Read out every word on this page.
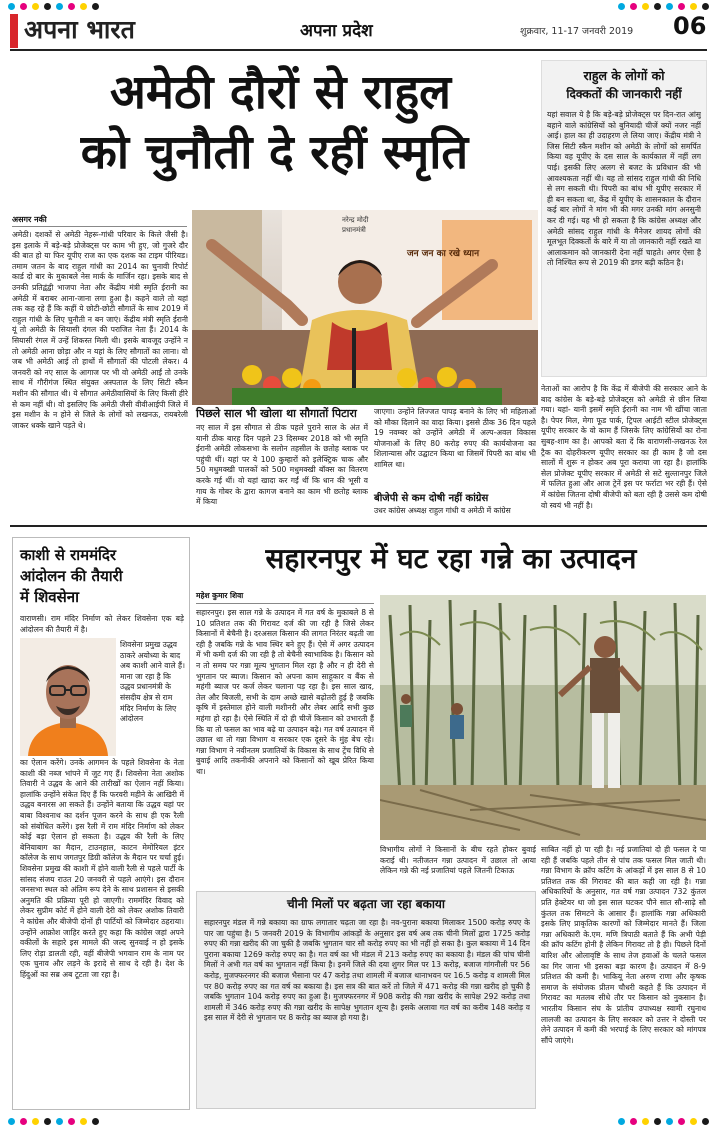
अपना भारत	अपना प्रदेश	शुक्रवार, 11-17 जनवरी 2019 06
अमेठी दौरों से राहुल
को चुनौती दे रहीं स्मृति
राहुल के लोगों को
दिक्कतों की जानकारी नहीं
यहां सवाल ये है कि बड़े-बड़े प्रोजेक्ट्स पर दिन-रात आंसू बहाने वाले कांग्रेसियों को बुनियादी चीजें क्यों नजर नहीं आई। हाल का ही उदाहरण ले लिया जाए। केंद्रीय मंत्री ने जिस सिटी स्कैन मशीन को अमेठी के लोगों को समर्पित किया वह यूपीए के दस साल के कार्यकाल में नहीं लग पाई। इसकी लिए अलग से बजट के प्रविधान की भी आवश्यकता नहीं थी। यह तो सांसद राहुल गांधी की निधि से लग सकती थी। पिपरी का बांध भी यूपीए सरकार में ही बन सकता था, केंद्र में यूपीए के शासनकाल के दौरान कई बार लोगों ने मांग भी की मगर उनकी मांग अनसुनी कर दी गई। यह भी हो सकता है कि कांग्रेस अध्यक्ष और अमेठी सांसद राहुल गांधी के मैनेजर शायद लोगों की मूलभूत दिक्कतों के बारे में या तो जानकारी नहीं रखते या आलाकमान को जानकारी देना नहीं चाहते। अगर ऐसा है तो निश्चित रूप से 2019 की डगर बढ़ी कठिन है।
असगर नकी
अमेठी। दशकों से अमेठी नेहरू-गांधी परिवार के किले जैसी है। इस इलाके में बड़े-बड़े प्रोजेक्ट्स पर काम भी हुए, जो गुजरे दौर की बात हो या फिर यूपीए राज का एक दशक का टाइम पीरियड। तमाम जतन के बाद राहुल गांधी का 2014 का चुनावी रिपोर्ट कार्ड दो बार के मुकाबले नेस मार्क के मार्जिन रहा। इसके बाद से उनकी प्रतिद्वंद्वी भाजपा नेता और केंद्रीय मंत्री स्मृति ईरानी का अमेठी में बराबर आना-जाना लगा हुआ है। कहने वाले तो यहां तक कह रहे हैं कि कहीं ये छोटी-छोटी सौगातें के साथ 2019 में राहुल गांधी के लिए चुनौती न बन जाएं। केंद्रीय मंत्री स्मृति ईरानी यूं तो अमेठी के सियासी दंगल की पराजित नेता हैं। 2014 के सियासी रंगल में उन्हें शिकस्त मिली थी। इसके बावजूद उन्होंने न तो अमेठी आना छोड़ा और न यहां के लिए सौगातों का लाना। वो जब भी अमेठी आई तो हाथों में सौगातों की पोटली लेकर। 4 जनवरी को नए साल के आगाज पर भी वो अमेठी आईं तो उनके साथ में गौरीगंज स्थित संयुक्त अस्पताल के लिए सिटी स्कैन मशीन की सौगात थी। ये सौगात अमेठीवासियों के लिए किसी हीरे से कम नहीं थी। वो इसलिए कि अमेठी जैसी वीवीआईपी जिले में इस मशीन के न होने से जिले के लोगों को लखनऊ, रायबरेली जाकर धक्के खाने पड़ते थे।
नरेन्द्र मोदी
प्रधानमंत्री
जन जन का रखे ध्यान
पिछले साल भी खोला था सौगातों पिटारा
नए साल में इस सौगात से ठीक पहले पुराने साल के अंत में यानी ठीक बारह दिन पहले 23 दिसम्बर 2018 को भी स्मृति ईरानी अमेठी लोकसभा के सलोन तहसील के छतोह ब्लाक पर पहुंची थीं। यहां पर ये 100 कुम्हारों को इलेक्ट्रिक चाक और 50 मधुमक्खी पालकों को 500 मधुमक्खी बॉक्स का वितरण करके गई थीं। वो यहां खादा कर गईं थीं कि धान की भूसी व गाय के गोबर के द्वारा कागज बनाने का काम भी छतोह ब्लाक में किया
जाएगा। उन्होंने लिज्जत पापड़ बनाने के लिए भी महिलाओं को मौका दिलाने का वादा किया। इससे ठीक 36 दिन पहले 19 नवम्बर को उन्होंने अमेठी में अल्प-अवल विकास योजनाओं के लिए 80 करोड़ रुपए की कार्ययोजना का शिलान्यास और उद्घाटन किया था जिसमें पिपरी का बांध भी शामिल था।
बीजेपी से कम दोषी नहीं कांग्रेस
उधर कांग्रेस अध्यक्ष राहुल गांधी व अमेठी में कांग्रेस
नेताओं का आरोप है कि केंद्र में बीजेपी की सरकार आने के बाद कांग्रेस के बड़े-बड़े प्रोजेक्ट्स को अमेठी से छीन लिया गया। यहां- यानी इसमें स्मृति ईरानी का नाम भी खींचा जाता है। पेपर मिल, मेगा फूड पार्क, ट्रिपल आईटी स्टील प्रोजेक्ट्स यूपीए सरकार के वो काम हैं जिसके लिए कांग्रेसियों का रोना सुबह-शाम का है। आपको बता दें कि वाराणसी-लखनऊ रेल ट्रैक का दोहरीकरण यूपीए सरकार का ही काम है जो दस सालों में शुरू न होकर अब पूरा कराया जा रहा है। हालांकि सेल प्रोजेक्ट यूपीए सरकार में अमेठी से सटे सुल्तानपुर जिले में फलित हुआ और आज ट्रेनें इस पर फर्राटा भर रही हैं। ऐसे में कांग्रेस जितना दोषी बीजेपी को बता रही है उससे कम दोषी वो स्वयं भी नहीं है।
काशी से राममंदिर
आंदोलन की तैयारी
में शिवसेना
वाराणसी। राम मंदिर निर्माण को लेकर शिवसेना एक बड़े आंदोलन की तैयारी में है।
शिवसेना प्रमुख उद्धव ठाकरे अयोध्या के बाद अब काशी आने वाले हैं। माना जा रहा है कि उद्धव प्रधानमंत्री के संसदीय क्षेत्र से राम मंदिर निर्माण के लिए आंदोलन
का ऐलान करेंगे। उनके आगमन के पहले शिवसेना के नेता काशी की नब्ज भांपने में जुट गए हैं। शिवसेना नेता अशोक तिवारी ने उद्धव के आने की तारीखों का ऐलान नहीं किया। हालांकि उन्होंने संकेत दिए हैं कि फरवरी महीने के आखिरी में उद्धव बनारस आ सकते हैं। उन्होंने बताया कि उद्धव यहां पर बाबा विश्वनाथ का दर्शन पूजन करने के साथ ही एक रैली को संबोधित करेंगे। इस रैली में राम मंदिर निर्माण को लेकर कोई बड़ा ऐलान हो सकता है। उद्धव की रैली के लिए बेनियाबाग का मैदान, टाउनहाल, काटन मेमोरियल इंटर कॉलेज के साथ जगतपुर डिग्री कॉलेज के मैदान पर चर्चा हुई। शिवसेना प्रमुख की काशी में होने वाली रैली से पहले पार्टी के सांसद संजय राउत 20 जनवरी से पहले आएंगे। इस दौरान जनसभा स्थल को अंतिम रूप देने के साथ प्रशासन से इसकी अनुमति की प्रक्रिया पूरी हो जाएगी। राममंदिर विवाद को लेकर सुप्रीम कोर्ट में होने वाली देरी को लेकर अशोक तिवारी ने कांग्रेस और बीजेपी दोनों ही पार्टियों को जिम्मेदार ठहराया। उन्होंने आक्रोश जाहिर करते हुए कहा कि कांग्रेस जहां अपने वकीलों के सहारे इस मामले की जल्द सुनवाई न हो इसके लिए रोड़ा डालती रही, वहीं बीजेपी भगवान राम के नाम पर एक चुनाव और लड़ने के इरादे से साथ दे रही है। देश के हिंदुओं का सब्र अब टूटता जा रहा है।
सहारनपुर में घट रहा गन्ने का उत्पादन
महेश कुमार शिवा
सहारनपुर। इस साल गन्ने के उत्पादन में गत वर्ष के मुकाबले 8 से 10 प्रतिशत तक की गिरावट दर्ज की जा रही है जिसे लेकर किसानों में बेचैनी है। दरअसल किसान की लागत निरंतर बढ़ती जा रही है जबकि गन्ने के भाव स्थिर बने हुए हैं। ऐसे में अगर उत्पादन में भी कमी दर्ज की जा रही है तो बेचैनी स्वाभाविक है। किसान को न तो समय पर गन्ना मूल्य भुगतान मिल रहा है और न ही देरी से भुगतान पर ब्याज। किसान को अपना काम साहूकार व बैंक से महंगी ब्याज पर कर्ज लेकर चलाना पड़ रहा है। इस साल खाद, तेल और बिजली, सभी के दाम अच्छे खासे बढ़ोतरी हुई है जबकि कृषि में इस्तेमाल होने वाली मशीनरी और लेबर आदि सभी कुछ महंगा हो रहा है। ऐसे स्थिति में दो ही चीजें किसान को उभारती हैं कि या तो फसल का भाव बढ़े या उत्पादन बढ़े। गत वर्ष उत्पादन में उछाल था तो गन्ना विभाग व सरकार एक दूसरे के मुंह बेच रहे। गन्ना विभाग ने नवीनतम प्रजातियों के विकास के साथ ट्रेंच विधि से बुवाई आदि तकनीकी अपनाने को किसानों को खूब प्रेरित किया था।
विभागीय लोगों ने किसानों के बीच रहते होकर बुवाई कराई थी। नतीजतन गन्ना उत्पादन में उछाल तो आया लेकिन गन्ने की नई प्रजातियां पहले जितनी टिकाऊ
साबित नहीं हो पा रही है। नई प्रजातियां दो ही फसल दे पा रही हैं जबकि पहले तीन से पांच तक फसल मिल जाती थी। गन्ना विभाग के क्रॉप कटिंग के आंकड़ों में इस साल 8 से 10 प्रतिशत तक की गिरावट की बात कही जा रही है। गन्ना अधिकारियों के अनुसार, गत वर्ष गन्ना उत्पादन 732 कुंतल प्रति हेक्टेयर था जो इस साल घटकर पौने सात सौ-साढ़े सौ कुंतल तक सिमटने के आसार हैं। हालांकि गन्ना अधिकारी इसके लिए प्राकृतिक कारणों को जिम्मेदार मानते हैं। जिला गन्ना अधिकारी के.एम. मणि त्रिपाठी बताते हैं कि अभी पेड़ी की क्रॉप कटिंग होनी है लेकिन गिरावट तो है ही। पिछले दिनों बारिश और ओलावृष्टि के साथ तेज हवाओं के चलते फसल का गिर जाना भी इसका बड़ा कारण है। उत्पादन में 8-9 प्रतिशत की कमी है। भाकियू नेता अरुण राणा और कृषक समाज के संयोजक प्रीतम चौधरी कहते हैं कि उत्पादन में गिरावट का मतलब सीधे तौर पर किसान को नुकसान है। भारतीय किसान संघ के प्रांतीय उपाध्यक्ष स्वामी रघुनाथ लालजी का उत्पादन के लिए सरकार को उत्तर ने दोस्ती पर लेने उत्पादन में कमी की भरपाई के लिए सरकार को मांगपत्र सौंपे जाएंगे।
चीनी मिलों पर बढ़ता जा रहा बकाया
सहारनपुर मंडल में गन्ने बकाया का ग्राफ लगातार चढ़ता जा रहा है। नव-पुराना बकाया मिलाकर 1500 करोड़ रुपए के पार जा पहुंचा है। 5 जनवरी 2019 के विभागीय आंकड़ों के अनुसार इस वर्ष अब तक चीनी मिलों द्वारा 1725 करोड़ रुपए की गन्ना खरीद की जा चुकी है जबकि भुगतान चार सौ करोड़ रुपए का भी नहीं हो सका है। कुल बकाया में 14 दिन पुराना बकाया 1269 करोड़ रुपए का है। गत वर्ष का भी मंडल में 213 करोड़ रुपए का बकाया है। मंडल की पांच चीनी मिलों ने अभी गत वर्ष का भुगतान नहीं किया है। इनमें जिले की दया शुगर मिल पर 13 करोड़, बजाज गांगनौली पर 56 करोड़, मुजफ्फरनगर की बजाज भैसाना पर 47 करोड़ तथा शामली में बजाज थानाभवन पर 16.5 करोड़ व शामली मिल पर 80 करोड़ रुपए का गत वर्ष का बकाया है। इस सत्र की बात करें तो जिले में 471 करोड़ की गन्ना खरीद हो चुकी है जबकि भुगतान 104 करोड़ रुपए का हुआ है। मुजफ्फरनगर में 908 करोड़ की गन्ना खरीद के सापेक्ष 292 करोड़ तथा शामली में 346 करोड़ रुपए की गन्ना खरीद के सापेक्ष भुगतान शून्य है। इसके अलावा गत वर्ष का करीब 148 करोड़ व इस साल में देरी से भुगतान पर 8 करोड़ का ब्याज हो गया है।
